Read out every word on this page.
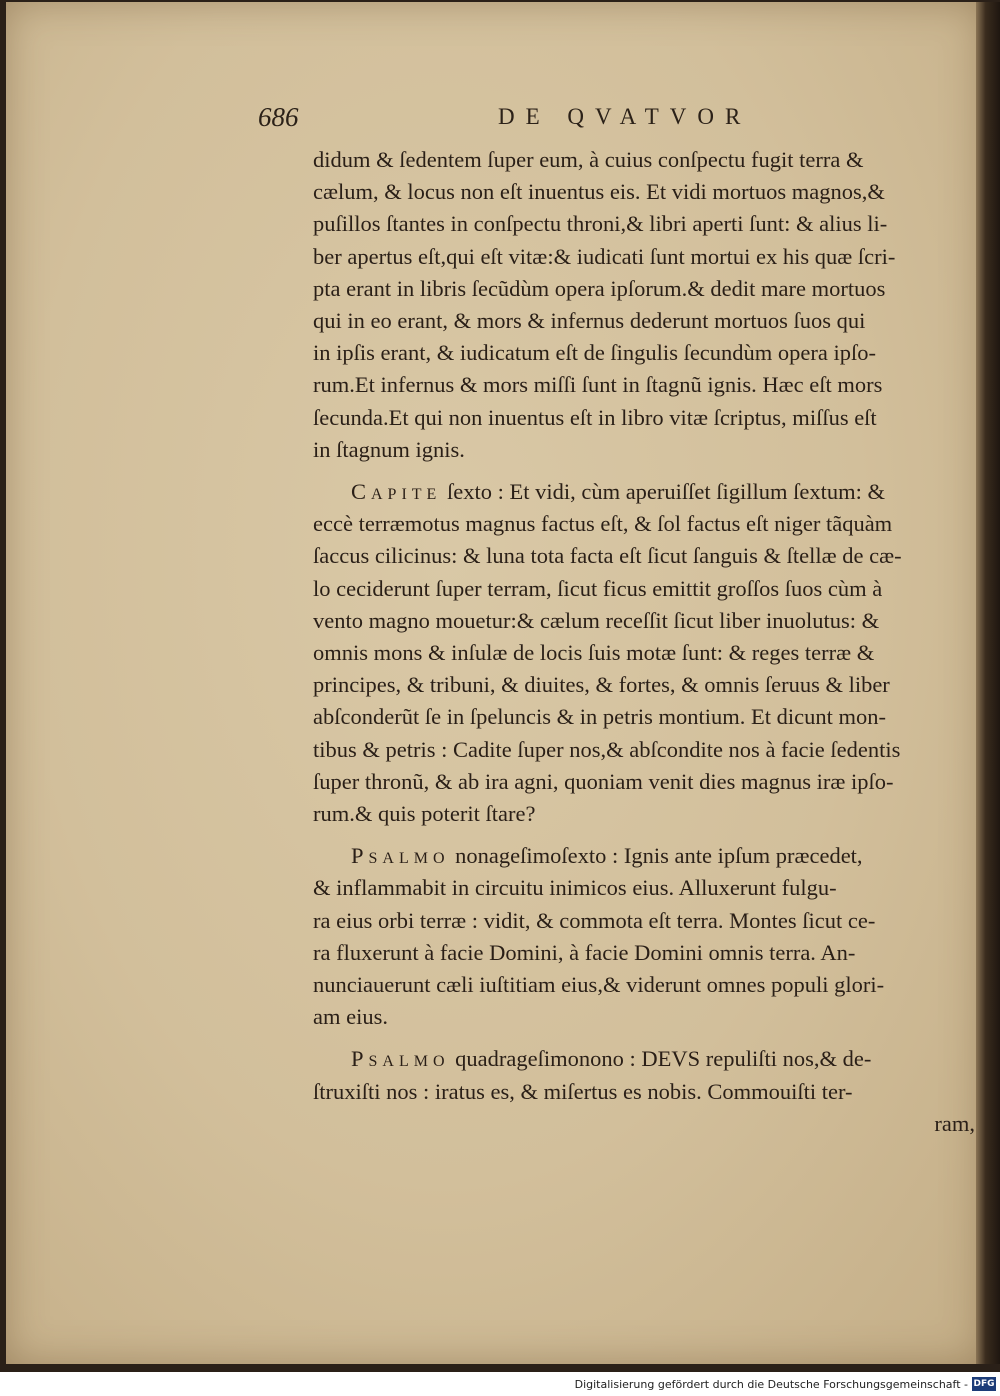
686	DE QVATVOR
didum & ſedentem ſuper eum, à cuius conſpectu fugit terra &
cælum, & locus non eſt inuentus eis. Et vidi mortuos magnos,&
puſillos ſtantes in conſpectu throni,& libri aperti ſunt: & alius li-
ber apertus eſt,qui eſt vitæ:& iudicati ſunt mortui ex his quæ ſcri-
pta erant in libris ſecũdùm opera ipſorum.& dedit mare mortuos
qui in eo erant, & mors & infernus dederunt mortuos ſuos qui
in ipſis erant, & iudicatum eſt de ſingulis ſecundùm opera ipſo-
rum.Et infernus & mors miſſi ſunt in ſtagnũ ignis. Hæc eſt mors
ſecunda.Et qui non inuentus eſt in libro vitæ ſcriptus, miſſus eſt
in ſtagnum ignis.
Capite ſexto : Et vidi, cùm aperuiſſet ſigillum ſextum: &
eccè terræmotus magnus factus eſt, & ſol factus eſt niger tãquàm
ſaccus cilicinus: & luna tota facta eſt ſicut ſanguis & ſtellæ de cæ-
lo ceciderunt ſuper terram, ſicut ficus emittit groſſos ſuos cùm à
vento magno mouetur:& cælum receſſit ſicut liber inuolutus: &
omnis mons & inſulæ de locis ſuis motæ ſunt: & reges terræ &
principes, & tribuni, & diuites, & fortes, & omnis ſeruus & liber
abſconderũt ſe in ſpeluncis & in petris montium. Et dicunt mon-
tibus & petris : Cadite ſuper nos,& abſcondite nos à facie ſedentis
ſuper thronũ, & ab ira agni, quoniam venit dies magnus iræ ipſo-
rum.& quis poterit ſtare?
Psalmo nonageſimoſexto : Ignis ante ipſum præcedet,
& inflammabit in circuitu inimicos eius. Alluxerunt fulgu-
ra eius orbi terræ : vidit, & commota eſt terra. Montes ſicut ce-
ra fluxerunt à facie Domini, à facie Domini omnis terra. An-
nunciauerunt cæli iuſtitiam eius,& viderunt omnes populi glori-
am eius.
Psalmo quadrageſimonono : DEVS repuliſti nos,& de-
ſtruxiſti nos : iratus es, & miſertus es nobis. Commouiſti ter-
ram,
Digitalisierung gefördert durch die Deutsche Forschungsgemeinschaft - DFG
